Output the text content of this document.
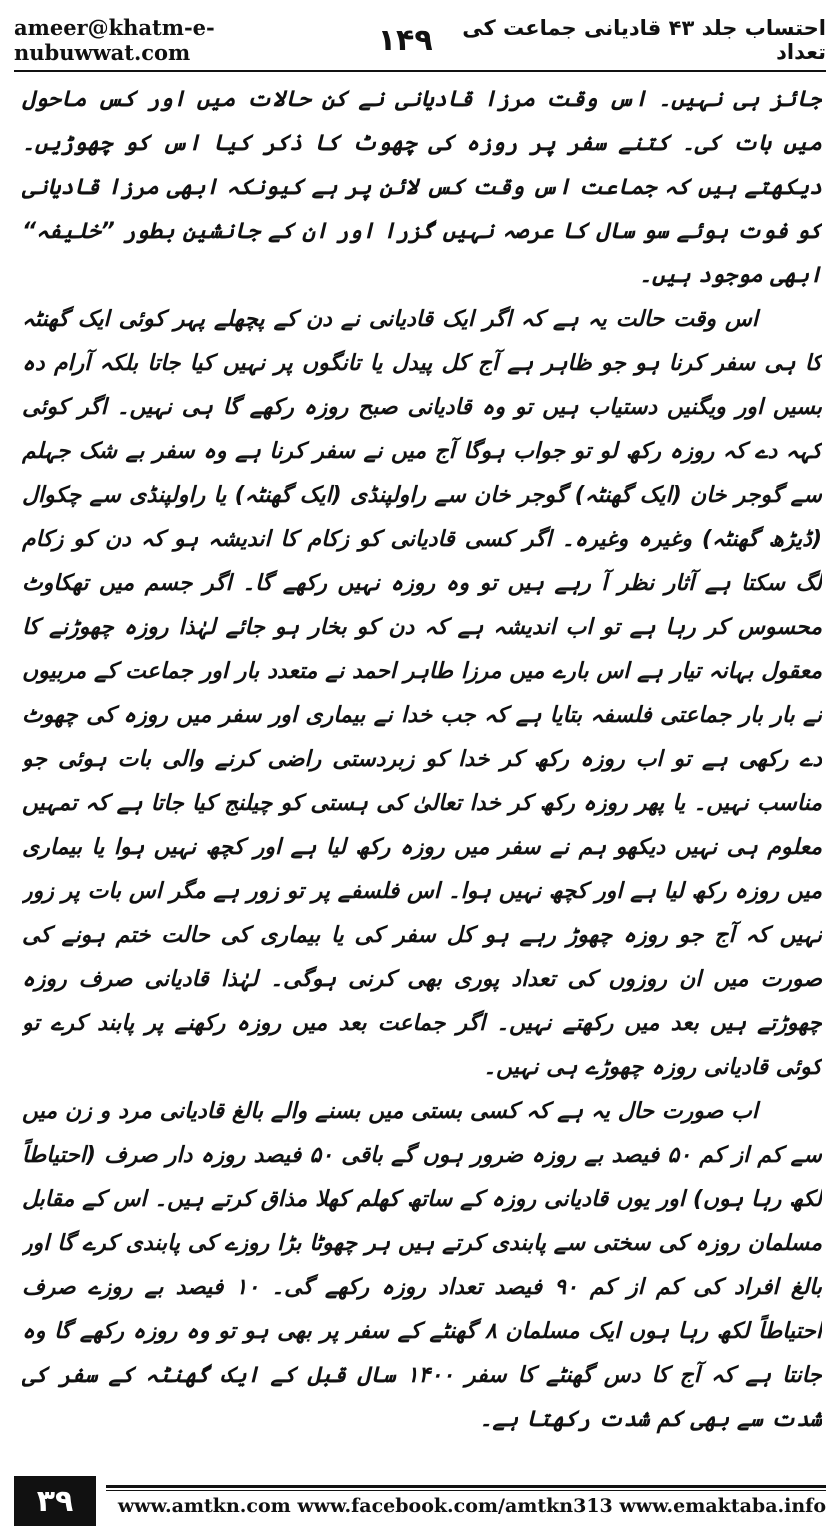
ameer@khatm-e-nubuwwat.com	۱۴۹	احتساب جلد ۴۳ قادیانی جماعت کی تعداد

جائز ہی نہیں۔ اس وقت مرزا قادیانی نے کن حالات میں اور کس ماحول میں بات کی۔ کتنے سفر پر روزہ کی چھوٹ کا ذکر کیا اس کو چھوڑیں۔ دیکھتے ہیں کہ جماعت اس وقت کس لائن پر ہے کیونکہ ابھی مرزا قادیانی کو فوت ہوئے سو سال کا عرصہ نہیں گزرا اور ان کے جانشین بطور ”خلیفہ“ ابھی موجود ہیں۔

اس وقت حالت یہ ہے کہ اگر ایک قادیانی نے دن کے پچھلے پہر کوئی ایک گھنٹہ کا ہی سفر کرنا ہو جو ظاہر ہے آج کل پیدل یا تانگوں پر نہیں کیا جاتا بلکہ آرام دہ بسیں اور ویگنیں دستیاب ہیں تو وہ قادیانی صبح روزہ رکھے گا ہی نہیں۔ اگر کوئی کہہ دے کہ روزہ رکھ لو تو جواب ہوگا آج میں نے سفر کرنا ہے وہ سفر بے شک جہلم سے گوجر خان (ایک گھنٹہ) گوجر خان سے راولپنڈی (ایک گھنٹہ) یا راولپنڈی سے چکوال (ڈیڑھ گھنٹہ) وغیرہ وغیرہ۔ اگر کسی قادیانی کو زکام کا اندیشہ ہو کہ دن کو زکام لگ سکتا ہے آثار نظر آ رہے ہیں تو وہ روزہ نہیں رکھے گا۔ اگر جسم میں تھکاوٹ محسوس کر رہا ہے تو اب اندیشہ ہے کہ دن کو بخار ہو جائے لہٰذا روزہ چھوڑنے کا معقول بہانہ تیار ہے اس بارے میں مرزا طاہر احمد نے متعدد بار اور جماعت کے مربیوں نے بار بار جماعتی فلسفہ بتایا ہے کہ جب خدا نے بیماری اور سفر میں روزہ کی چھوٹ دے رکھی ہے تو اب روزہ رکھ کر خدا کو زبردستی راضی کرنے والی بات ہوئی جو مناسب نہیں۔ یا پھر روزہ رکھ کر خدا تعالیٰ کی ہستی کو چیلنج کیا جاتا ہے کہ تمہیں معلوم ہی نہیں دیکھو ہم نے سفر میں روزہ رکھ لیا ہے اور کچھ نہیں ہوا یا بیماری میں روزہ رکھ لیا ہے اور کچھ نہیں ہوا۔ اس فلسفے پر تو زور ہے مگر اس بات پر زور نہیں کہ آج جو روزہ چھوڑ رہے ہو کل سفر کی یا بیماری کی حالت ختم ہونے کی صورت میں ان روزوں کی تعداد پوری بھی کرنی ہوگی۔ لہٰذا قادیانی صرف روزہ چھوڑتے ہیں بعد میں رکھتے نہیں۔ اگر جماعت بعد میں روزہ رکھنے پر پابند کرے تو کوئی قادیانی روزہ چھوڑے ہی نہیں۔

اب صورت حال یہ ہے کہ کسی بستی میں بسنے والے بالغ قادیانی مرد و زن میں سے کم از کم ۵۰ فیصد بے روزہ ضرور ہوں گے باقی ۵۰ فیصد روزہ دار صرف (احتیاطاً لکھ رہا ہوں) اور یوں قادیانی روزہ کے ساتھ کھلم کھلا مذاق کرتے ہیں۔ اس کے مقابل مسلمان روزہ کی سختی سے پابندی کرتے ہیں ہر چھوٹا بڑا روزے کی پابندی کرے گا اور بالغ افراد کی کم از کم ۹۰ فیصد تعداد روزہ رکھے گی۔ ۱۰ فیصد بے روزے صرف احتیاطاً لکھ رہا ہوں ایک مسلمان ۸ گھنٹے کے سفر پر بھی ہو تو وہ روزہ رکھے گا وہ جانتا ہے کہ آج کا دس گھنٹے کا سفر ۱۴۰۰ سال قبل کے ایک گھنٹہ کے سفر کی شدت سے بھی کم شدت رکھتا ہے۔

۳۹	www.amtkn.com www.facebook.com/amtkn313 www.emaktaba.info
